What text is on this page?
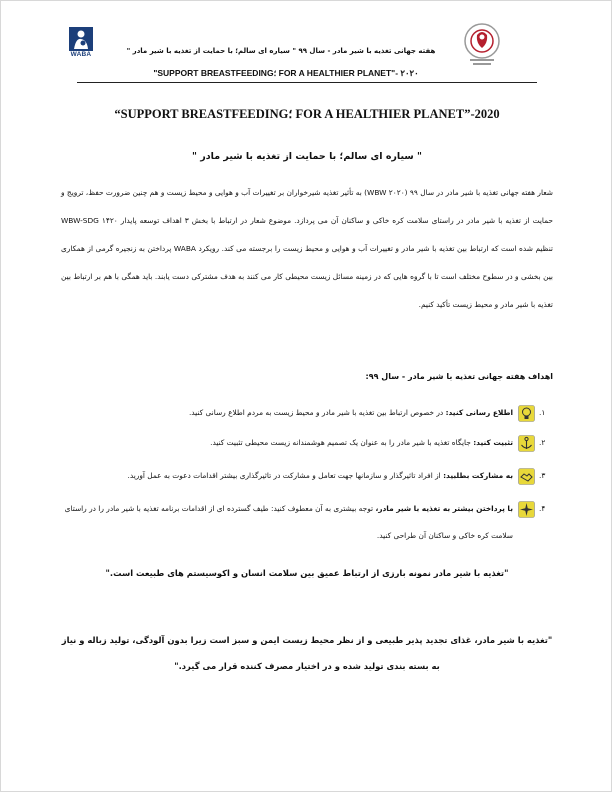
WABA	هفته جهانی تغذیه با شیر مادر - سال ۹۹ " سیاره ای سالم؛ با حمایت از تغذیه با شیر مادر "
"SUPPORT BREASTFEEDING؛ FOR A HEALTHIER PLANET"- ۲۰۲۰
“SUPPORT BREASTFEEDING؛ FOR A HEALTHIER PLANET”-2020
" سیاره ای سالم؛ با حمایت از تغذیه با شیر مادر "
شعار هفته جهانی تغذیه با شیر مادر در سال ۹۹ (WBW ۲۰۲۰) به تأثیر تغذیه شیرخواران بر تغییرات آب و هوایی و محیط زیست و هم چنین ضرورت حفظ، ترویج و حمایت از تغذیه با شیر مادر در راستای سلامت کره خاکی و ساکنان آن می پردازد. موضوع شعار در ارتباط با بخش ۳ اهداف توسعه پایدار WBW-SDG ۱۴۲۰ تنظیم شده است که ارتباط بین تغذیه با شیر مادر و تغییرات آب و هوایی و محیط زیست را برجسته می کند. رویکرد WABA پرداختن به زنجیره گرمی از همکاری بین بخشی و در سطوح مختلف است تا با گروه هایی که در زمینه مسائل زیست محیطی کار می کنند به هدف مشترکی دست یابند. باید همگی با هم بر ارتباط بین تغذیه با شیر مادر و محیط زیست تأکید کنیم.
اهداف هفته جهانی تغذیه با شیر مادر - سال ۹۹:
۱.
اطلاع رسانی کنید: در خصوص ارتباط بین تغذیه با شیر مادر و محیط زیست به مردم اطلاع رسانی کنید.
۲.
تثبیت کنید: جایگاه تغذیه با شیر مادر را به عنوان یک تصمیم هوشمندانه زیست محیطی تثبیت کنید.
۳.
به مشارکت بطلبید: از افراد تاثیرگذار و سازمانها جهت تعامل و مشارکت در تاثیرگذاری بیشتر اقدامات دعوت به عمل آورید.
۴.
با پرداختن بیشتر به تغذیه با شیر مادر، توجه بیشتری به آن معطوف کنید: طیف گسترده ای از اقدامات برنامه تغذیه با شیر مادر را در راستای سلامت کره خاکی و ساکنان آن طراحی کنید.
"تغذیه با شیر مادر نمونه بارزی از ارتباط عمیق بین سلامت انسان و اکوسیستم های طبیعت است."
"تغذیه با شیر مادر، غذای تجدید پذیر طبیعی و از نظر محیط زیست ایمن و سبز است زیرا بدون آلودگی، تولید زباله و نیاز به بسته بندی تولید شده و در اختیار مصرف کننده قرار می گیرد."
